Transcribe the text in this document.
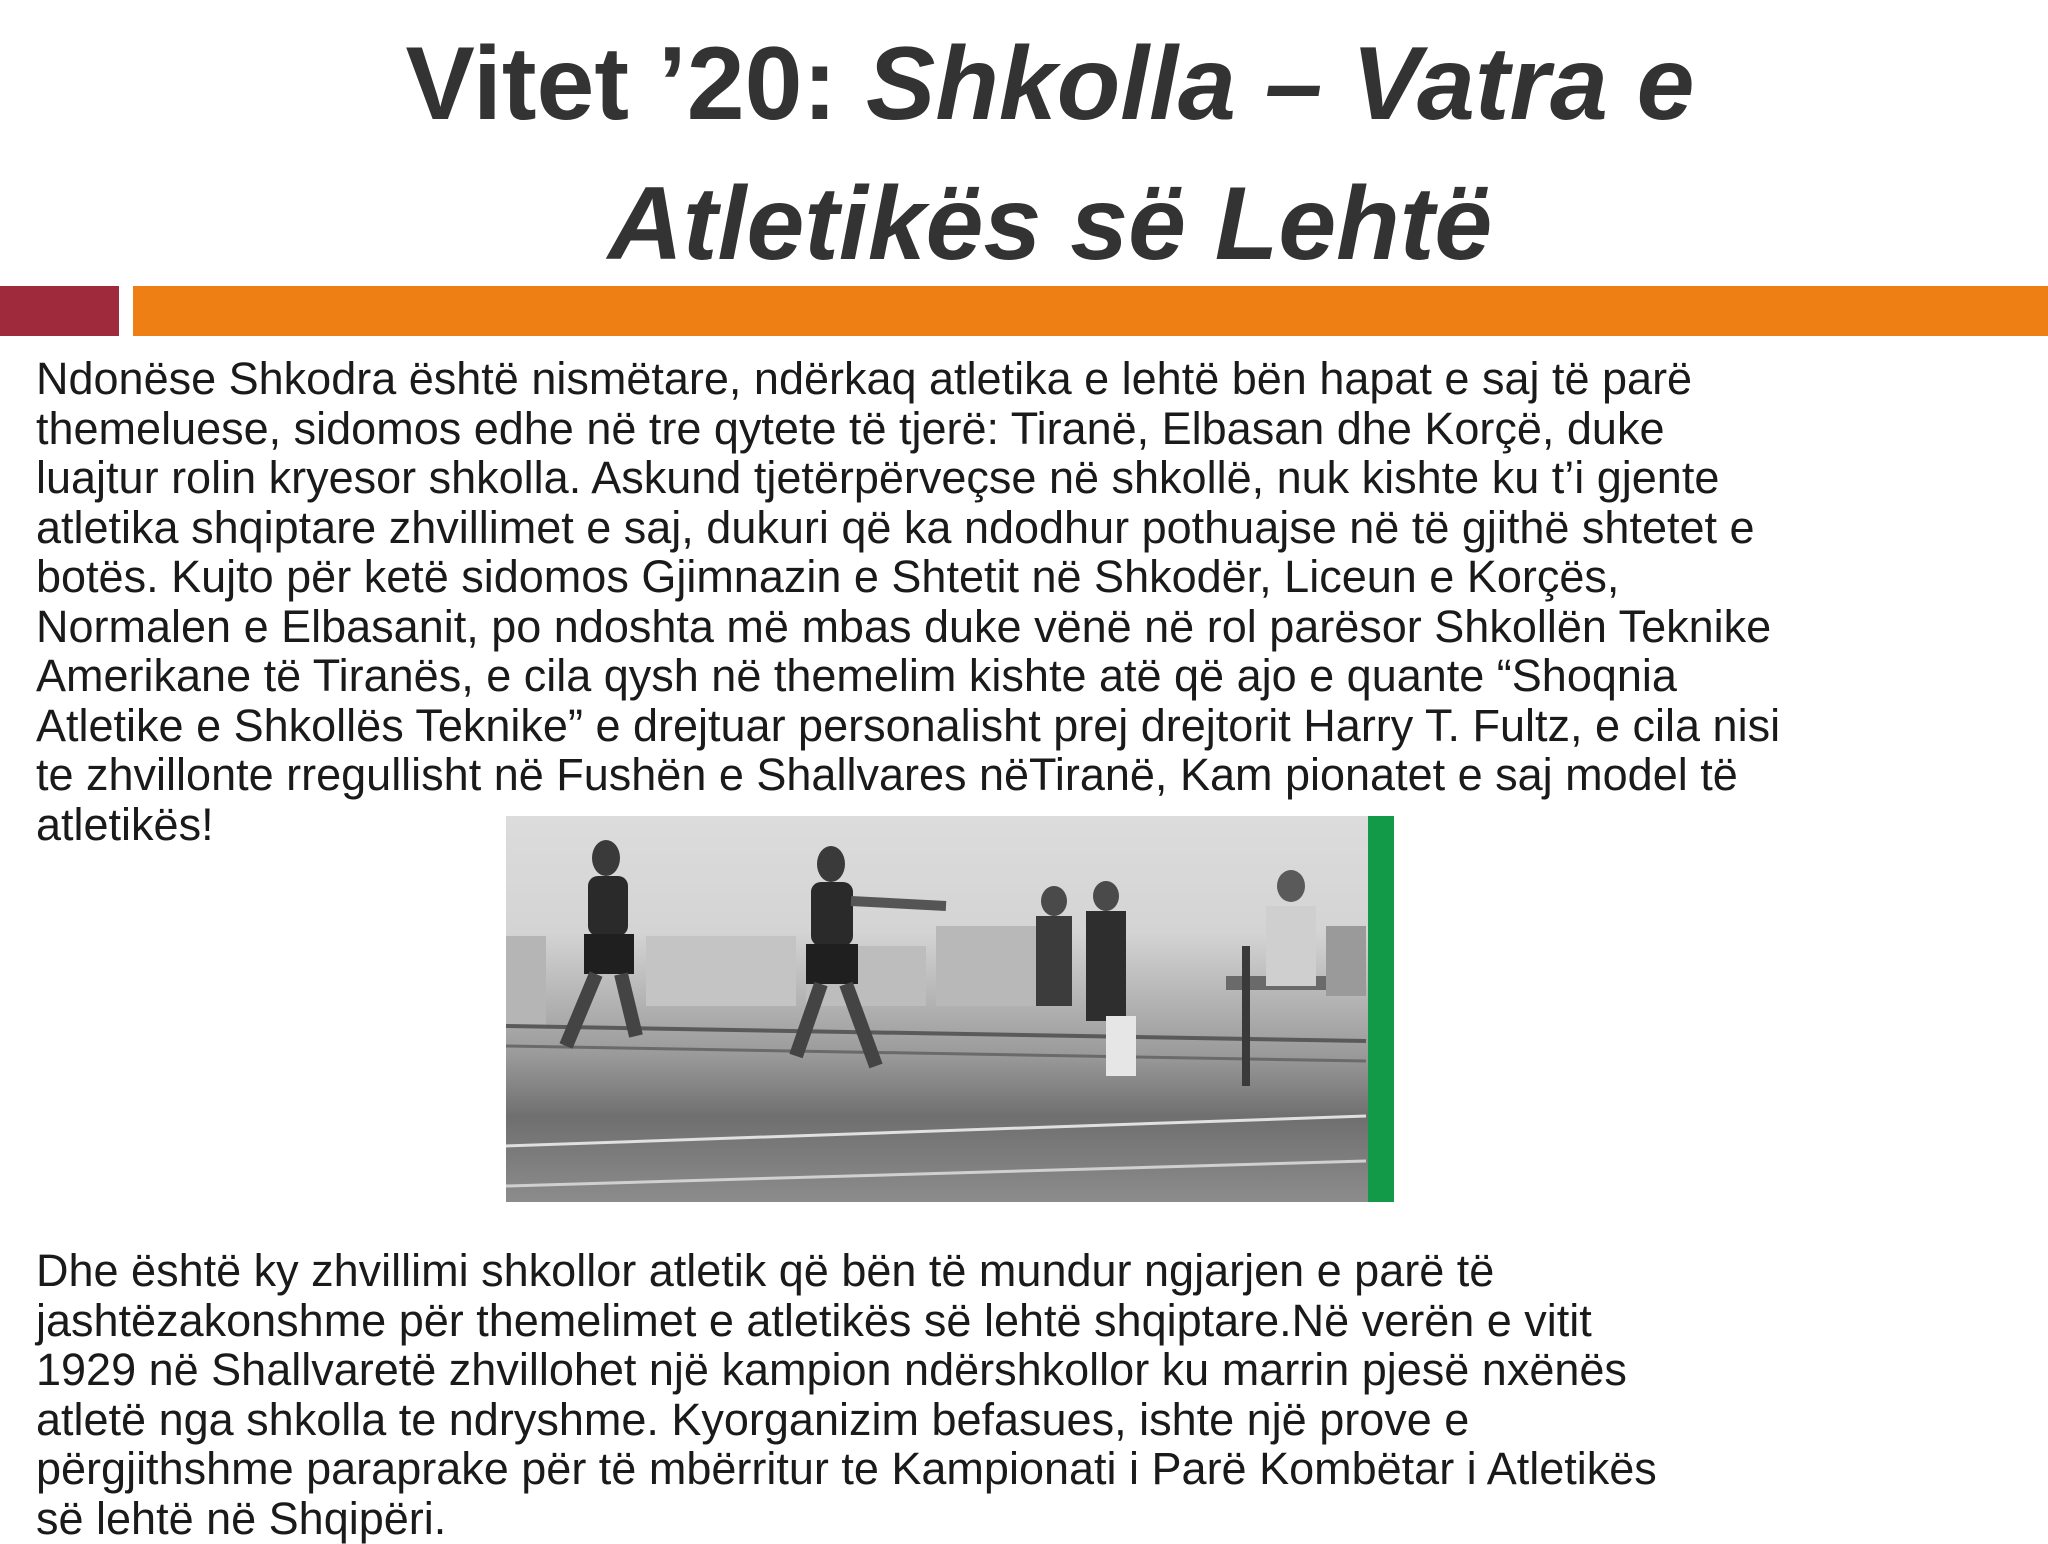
Vitet ’20: Shkolla – Vatra e
Atletikës së Lehtë

Ndonëse Shkodra është nismëtare, ndërkaq atletika e lehtë bën hapat e saj të parë
themeluese, sidomos edhe në tre qytete të tjerë: Tiranë, Elbasan dhe Korçë, duke
luajtur rolin kryesor shkolla. Askund tjetërpërveçse në shkollë, nuk kishte ku t’i gjente
atletika shqiptare zhvillimet e saj, dukuri që ka ndodhur pothuajse në të gjithë shtetet e
botës. Kujto për ketë sidomos Gjimnazin e Shtetit në Shkodër, Liceun e Korçës,
Normalen e Elbasanit, po ndoshta më mbas duke vënë në rol parësor Shkollën Teknike
Amerikane të Tiranës, e cila qysh në themelim kishte atë që ajo e quante “Shoqnia
Atletike e Shkollës Teknike” e drejtuar personalisht prej drejtorit Harry T. Fultz, e cila nisi
te zhvillonte rregullisht në Fushën e Shallvares nëTiranë, Kam pionatet e saj model të
atletikës!

Dhe është ky zhvillimi shkollor atletik që bën të mundur ngjarjen e parë të
jashtëzakonshme për themelimet e atletikës së lehtë shqiptare.Në verën e vitit
1929 në Shallvaretë zhvillohet një kampion ndërshkollor ku marrin pjesë nxënës
atletë nga shkolla te ndryshme. Kyorganizim befasues, ishte një prove e
përgjithshme paraprake për të mbërritur te Kampionati i Parë Kombëtar i Atletikës
së lehtë në Shqipëri.
